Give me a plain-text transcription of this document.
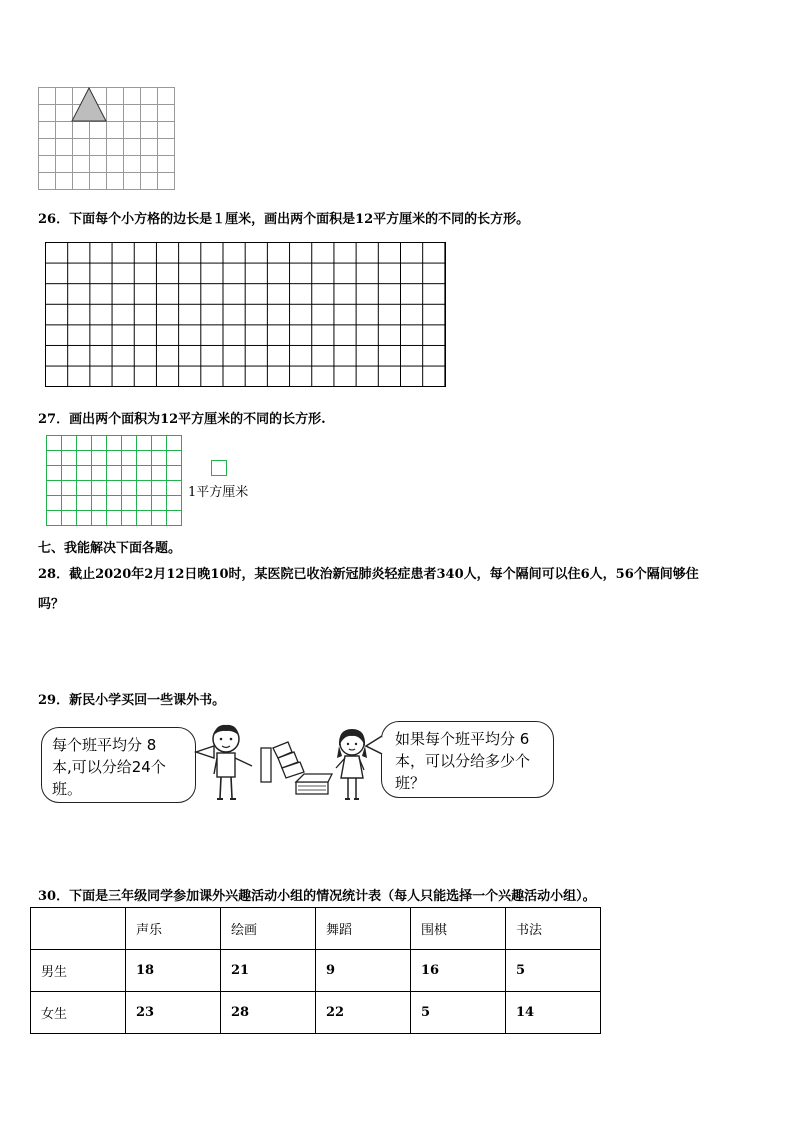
26．下面每个小方格的边长是１厘米，画出两个面积是12平方厘米的不同的长方形。
27．画出两个面积为12平方厘米的不同的长方形.
1平方厘米
七、我能解决下面各题。
28．截止2020年2月12日晚10时，某医院已收治新冠肺炎轻症患者340人，每个隔间可以住6人，56个隔间够住
吗？
29．新民小学买回一些课外书。
每个班平均分 8
本,可以分给24个
班。
如果每个班平均分 6
本，可以分给多少个
班？
30．下面是三年级同学参加课外兴趣活动小组的情况统计表（每人只能选择一个兴趣活动小组）。
	声乐	绘画	舞蹈	围棋	书法
男生	18	21	9	16	5
女生	23	28	22	5	14
